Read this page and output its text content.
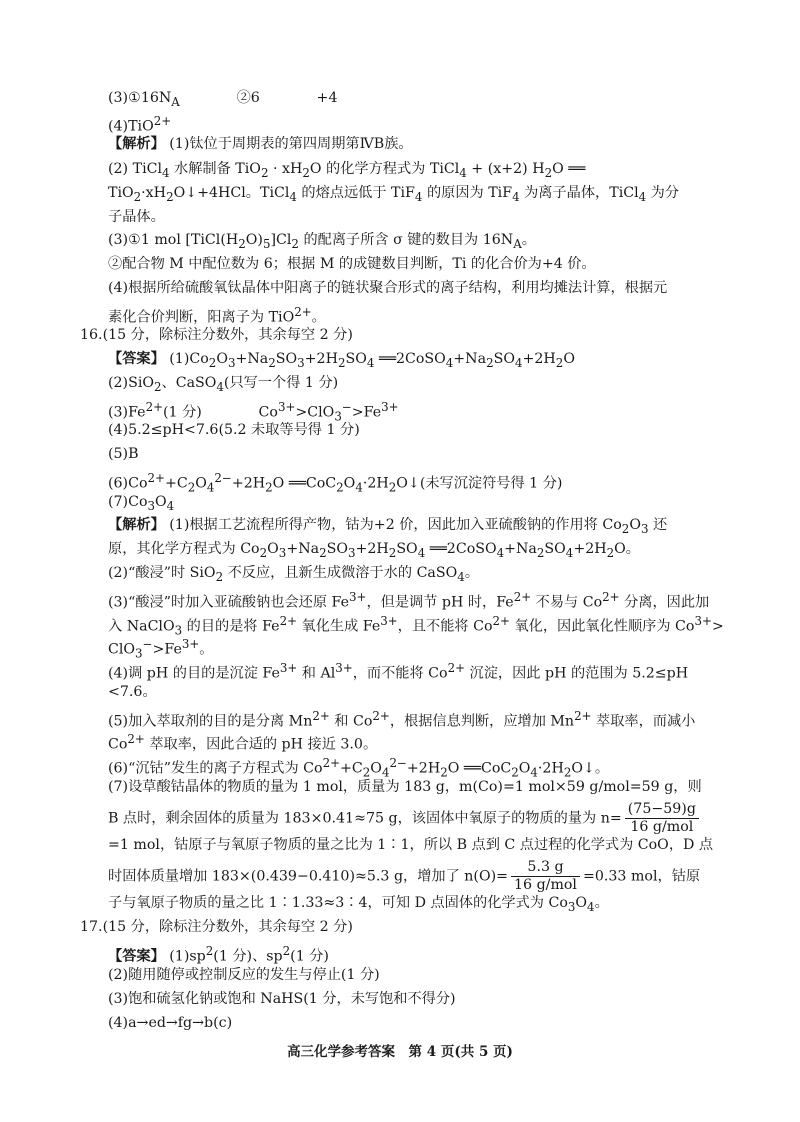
$(3)①16N_A$　　　　②6　　　　+4
(4)TiO$^{2+}$
【解析】 (1)钛位于周期表的第四周期第ⅣB族。
(2) TiCl$_4$ 水解制备 $TiO_2 \cdot xH_2O$ 的化学方程式为 TiCl$_4$ + (x+2) $H_2O$ ══
$TiO_2\cdot xH_2O↓+4HCl$。TiCl$_4$ 的熔点远低于 TiF$_4$ 的原因为 TiF$_4$ 为离子晶体，TiCl$_4$ 为分
子晶体。
(3)①1 mol $[TiCl(H_2O)_5]Cl_2$ 的配离子所含 σ 键的数目为 $16N_A$。
②配合物 M 中配位数为 6；根据 M 的成键数目判断，Ti 的化合价为+4 价。
(4)根据所给硫酸氧钛晶体中阳离子的链状聚合形式的离子结构，利用均摊法计算，根据元
素化合价判断，阳离子为 TiO$^{2+}$。
16.(15 分，除标注分数外，其余每空 2 分)
【答案】 $(1)Co_2O_3+Na_2SO_3+2H_2SO_4$ $══2CoSO_4+Na_2SO_4+2H_2O$
(2)SiO$_2$、CaSO$_4$(只写一个得 1 分)
$(3)Fe^{2+}(1$ 分)　　　　$Co^{3+}>ClO_3^->Fe^{3+}$
(4)5.2≤pH<7.6(5.2 未取等号得 1 分)
(5)B
$(6)Co^{2+}+C_2O_4^{2-}+2H_2O$ $══CoC_2O_4\cdot 2H_2O↓$(未写沉淀符号得 1 分)
$(7)Co_3O_4$
【解析】 (1)根据工艺流程所得产物，钴为+2 价，因此加入亚硫酸钠的作用将 $Co_2O_3$ 还
原，其化学方程式为 $Co_2O_3+Na_2SO_3+2H_2SO_4$ $══2CoSO_4+Na_2SO_4+2H_2O$。
(2)“酸浸”时 SiO$_2$ 不反应，且新生成微溶于水的 CaSO$_4$。
(3)“酸浸”时加入亚硫酸钠也会还原 $Fe^{3+}$，但是调节 pH 时，$Fe^{2+}$ 不易与 $Co^{2+}$ 分离，因此加
入 NaClO$_3$ 的目的是将 $Fe^{2+}$ 氧化生成 $Fe^{3+}$，且不能将 $Co^{2+}$ 氧化，因此氧化性顺序为 $Co^{3+}>$
$ClO_3^->Fe^{3+}$。
(4)调 pH 的目的是沉淀 $Fe^{3+}$ 和 $Al^{3+}$，而不能将 $Co^{2+}$ 沉淀，因此 pH 的范围为 5.2≤pH
<7.6。
(5)加入萃取剂的目的是分离 $Mn^{2+}$ 和 $Co^{2+}$，根据信息判断，应增加 $Mn^{2+}$ 萃取率，而减小
$Co^{2+}$ 萃取率，因此合适的 pH 接近 3.0。
(6)“沉钴”发生的离子方程式为 $Co^{2+}+C_2O_4^{2-}+2H_2O$ $══CoC_2O_4\cdot 2H_2O↓$。
(7)设草酸钴晶体的物质的量为 1 mol，质量为 183 g，m(Co)=1 mol×59 g/mol=59 g，则
B 点时，剩余固体的质量为 183×0.41≈75 g，该固体中氧原子的物质的量为 $n= \frac{(75-59)g}{\text{16 g/mol}}$
=1 mol，钴原子与氧原子物质的量之比为 1∶1，所以 B 点到 C 点过程的化学式为 CoO，D 点
时固体质量增加 183×(0.439−0.410)≈5.3 g，增加了 $n(O)= \frac{5.3 g}{\text{16 g/mol}} =0.33$ mol，钴原
子与氧原子物质的量之比 1∶1.33≈3∶4，可知 D 点固体的化学式为 $Co_3O_4$。
17.(15 分，除标注分数外，其余每空 2 分)
【答案】 $(1)sp^2(1$ 分)、$sp^2(1$ 分)
(2)随用随停或控制反应的发生与停止(1 分)
(3)饱和硫氢化钠或饱和 NaHS(1 分，未写饱和不得分)
(4)a→ed→fg→b(c)
高三化学参考答案　第 4 页(共 5 页)
